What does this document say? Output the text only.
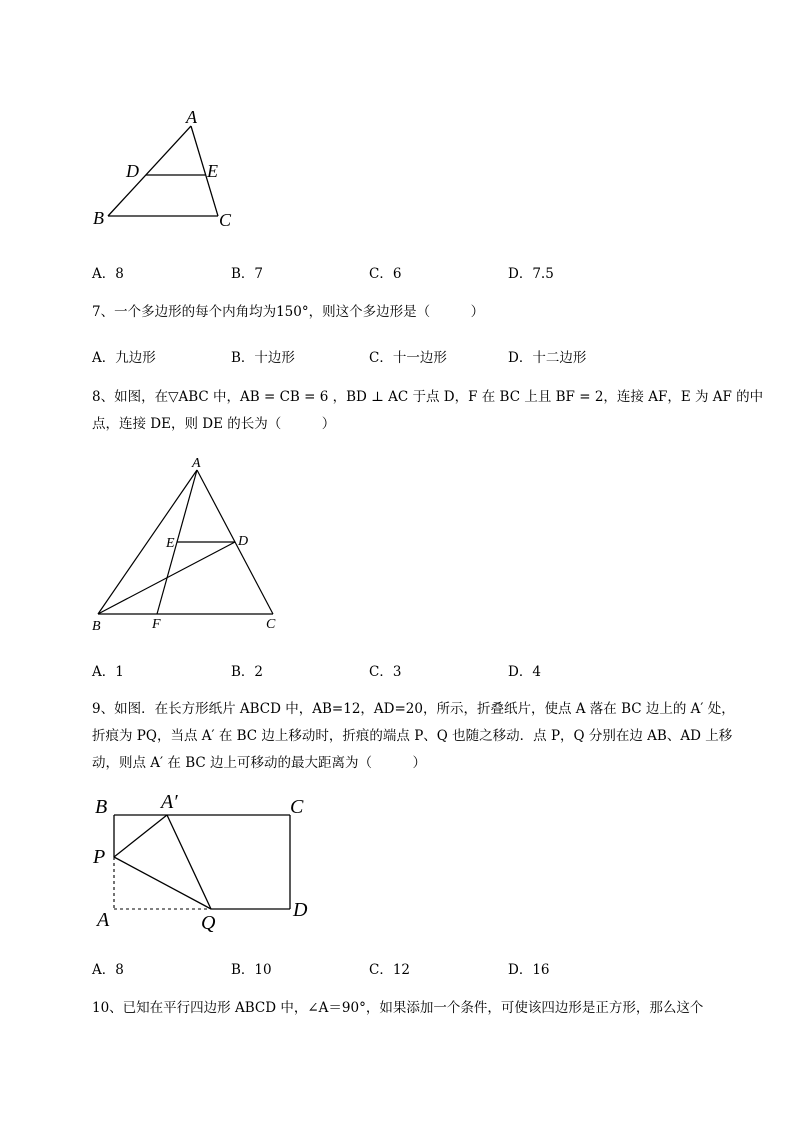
A
D	E
B	C
A．8	B．7	C．6	D．7.5
7、一个多边形的每个内角均为150°，则这个多边形是（　　　）
A．九边形	B．十边形	C．十一边形	D．十二边形
8、如图，在▽ABC 中，AB = CB = 6 ，BD ⊥ AC 于点 D，F 在 BC 上且 BF = 2，连接 AF，E 为 AF 的中
点，连接 DE，则 DE 的长为（　　　）
A
E	D
B	F	C
A．1	B．2	C．3	D．4
9、如图．在长方形纸片 ABCD 中，AB=12，AD=20，所示，折叠纸片，使点 A 落在 BC 边上的 A′ 处，
折痕为 PQ，当点 A′ 在 BC 边上移动时，折痕的端点 P、Q 也随之移动．点 P，Q 分别在边 AB、AD 上移
动，则点 A′ 在 BC 边上可移动的最大距离为（　　　）
B	A′	C
P
A	Q
D
A．8	B．10	C．12	D．16
10、已知在平行四边形 ABCD 中，∠A＝90°，如果添加一个条件，可使该四边形是正方形，那么这个
